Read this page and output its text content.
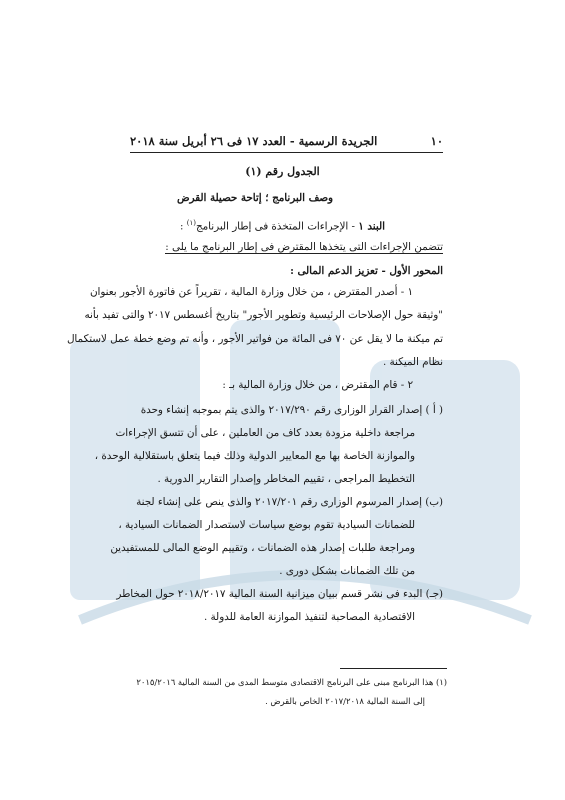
١٠
الجريدة الرسمية - العدد ١٧ فى ٢٦ أبريل سنة ٢٠١٨
الجدول رقم (١)
وصف البرنامج ؛ إتاحة حصيلة القرض
البند ١ - الإجراءات المتخذة فى إطار البرنامج$^{(١)}$ :
تتضمن الإجراءات التى يتخذها المقترض فى إطار البرنامج ما يلى :
المحور الأول - تعزيز الدعم المالى :
١ - أصدر المقترض ، من خلال وزارة المالية ، تقريراً عن فاتورة الأجور بعنوان
"وثيقة حول الإصلاحات الرئيسية وتطوير الأجور" بتاريخ أغسطس ٢٠١٧ والتى تفيد بأنه
تم ميكنة ما لا يقل عن ٧٠ فى المائة من فواتير الأجور ، وأنه تم وضع خطة عمل لاستكمال
نظام الميكنة .
٢ - قام المقترض ، من خلال وزارة المالية بـ :
( أ ) إصدار القرار الوزارى رقم ٢٠١٧/٢٩٠ والذى يتم بموجبه إنشاء وحدة
مراجعة داخلية مزودة بعدد كاف من العاملين ، على أن تتسق الإجراءات
والموازنة الخاصة بها مع المعايير الدولية وذلك فيما يتعلق باستقلالية الوحدة ،
التخطيط المراجعى ، تقييم المخاطر وإصدار التقارير الدورية .
(ب) إصدار المرسوم الوزارى رقم ٢٠١٧/٢٠١ والذى ينص على إنشاء لجنة
للضمانات السيادية تقوم بوضع سياسات لاستصدار الضمانات السيادية ،
ومراجعة طلبات إصدار هذه الضمانات ، وتقييم الوضع المالى للمستفيدين
من تلك الضمانات بشكل دورى .
(جـ) البدء فى نشر قسم ببيان ميزانية السنة المالية ٢٠١٨/٢٠١٧ حول المخاطر
الاقتصادية المصاحبة لتنفيذ الموازنة العامة للدولة .
(١) هذا البرنامج مبنى على البرنامج الاقتصادى متوسط المدى من السنة المالية ٢٠١٥/٢٠١٦
إلى السنة المالية ٢٠١٧/٢٠١٨ الخاص بالقرض .
